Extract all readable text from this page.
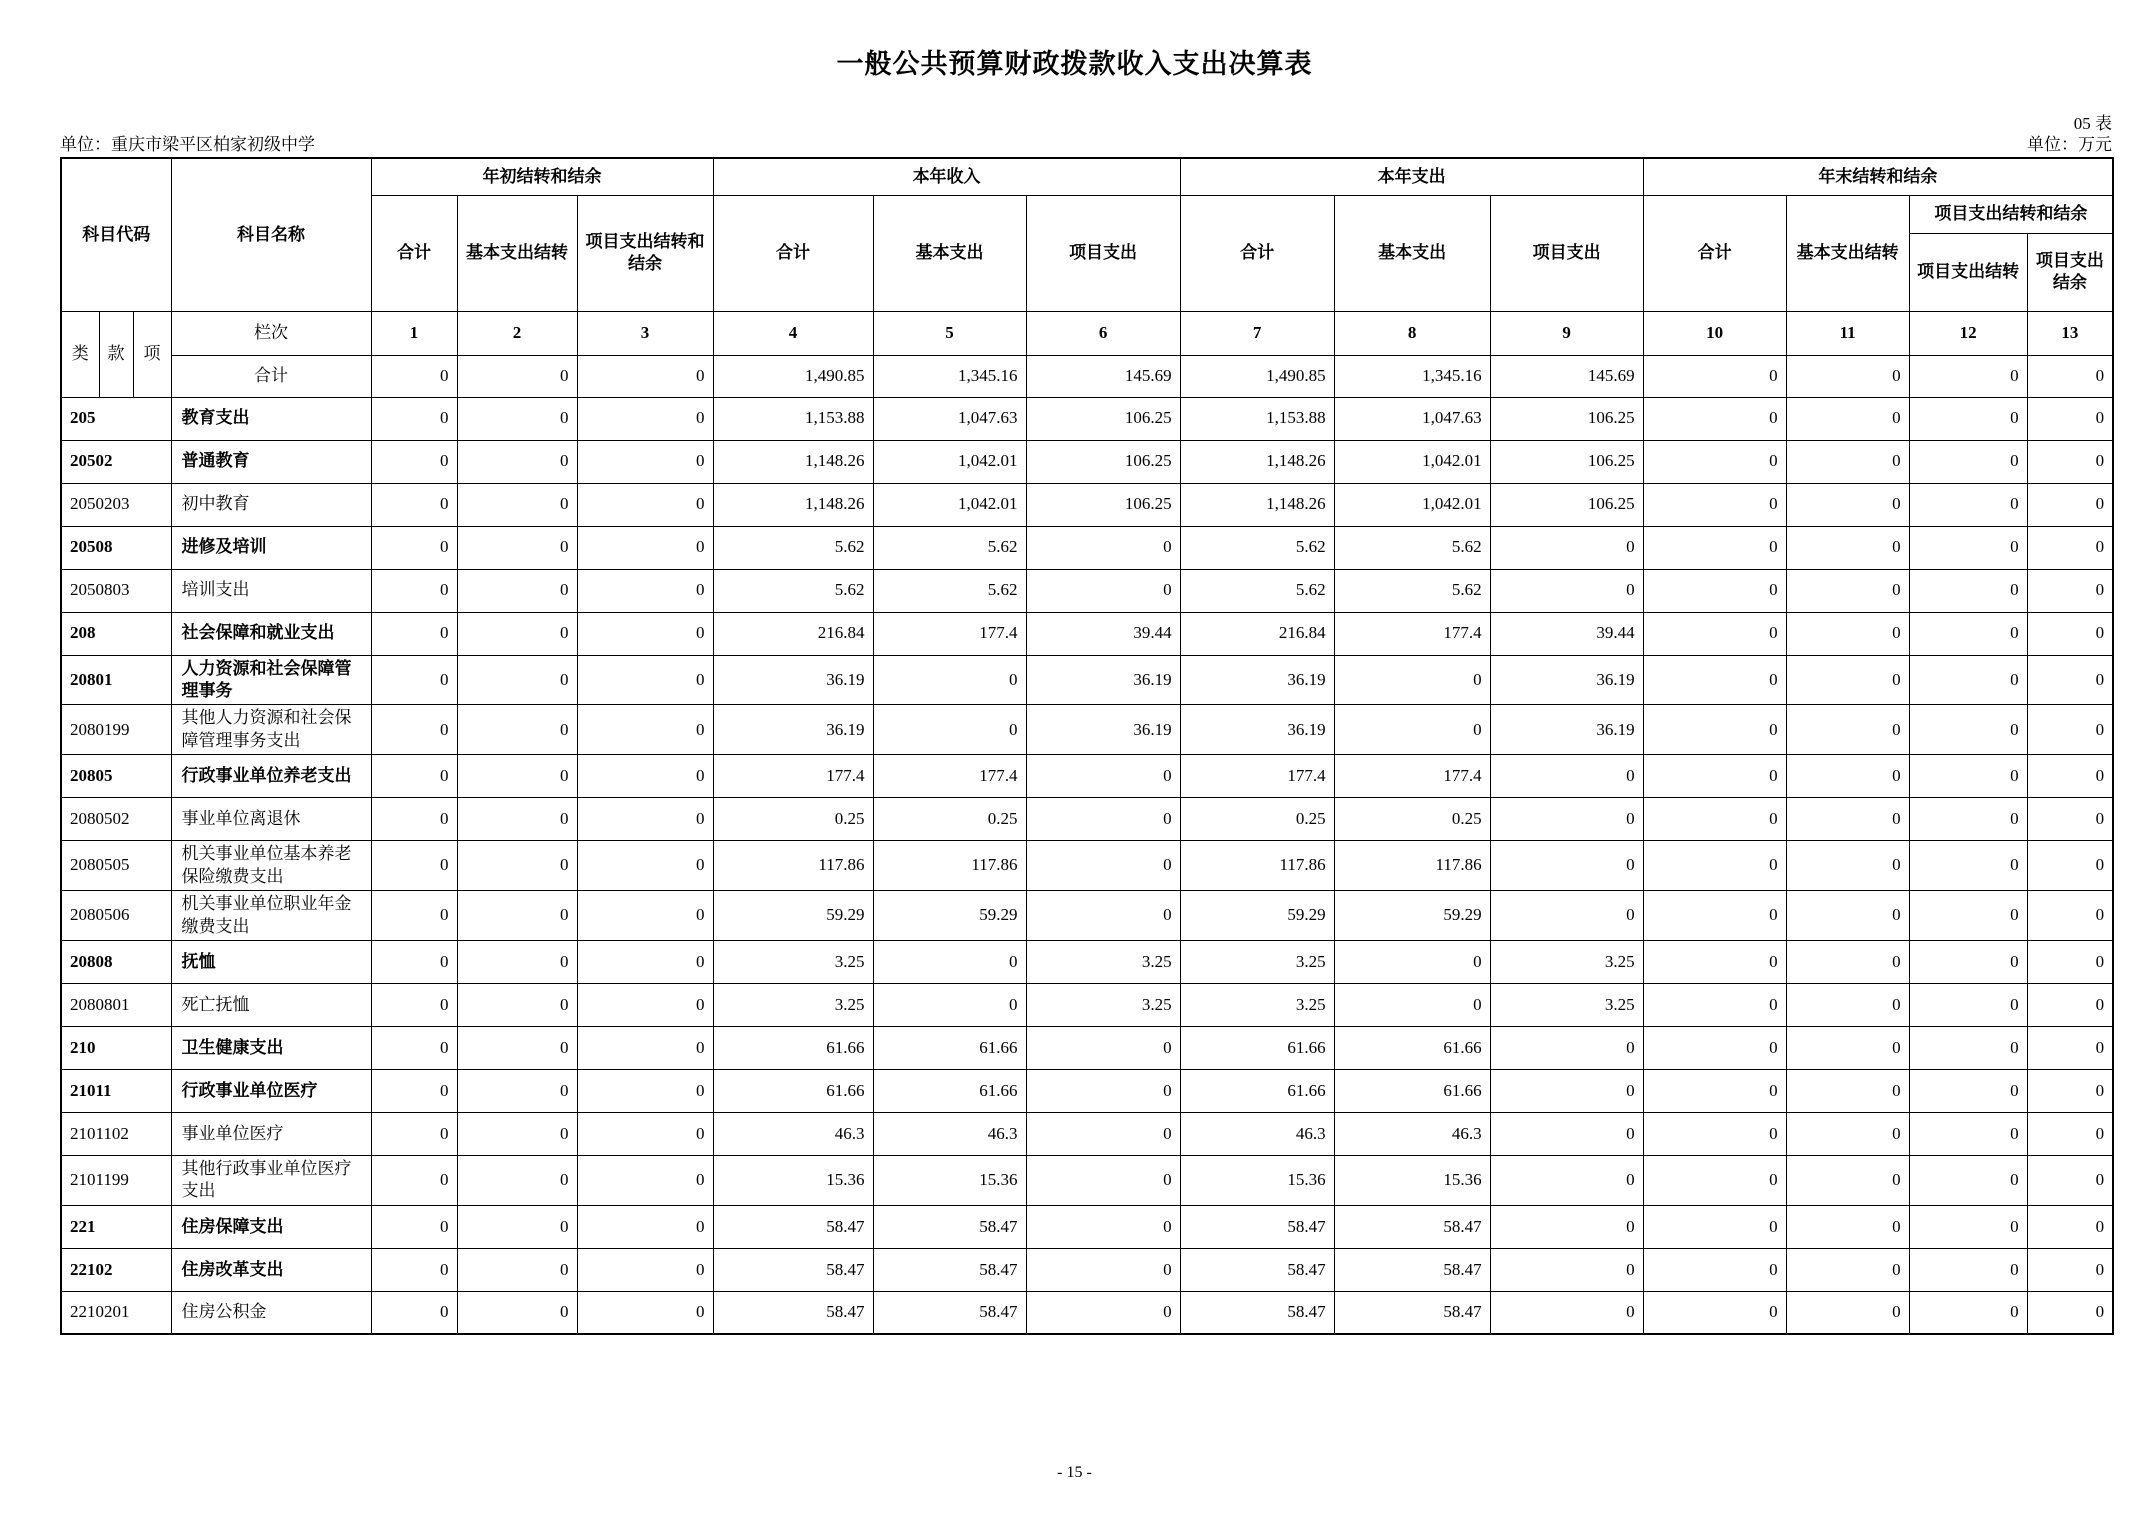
一般公共预算财政拨款收入支出决算表
05 表
单位：重庆市梁平区柏家初级中学	单位：万元
科目代码			科目名称	年初结转和结余			本年收入			本年支出			年末结转和结余			
				合计	基本支出结转	项目支出结转和结余	合计	基本支出	项目支出	合计	基本支出	项目支出	合计	基本支出结转	项目支出结转和结余	
															项目支出结转	项目支出结余
类	款	项	栏次	1	2	3	4	5	6	7	8	9	10	11	12	13
			合计	0	0	0	1,490.85	1,345.16	145.69	1,490.85	1,345.16	145.69	0	0	0	0
205			教育支出	0	0	0	1,153.88	1,047.63	106.25	1,153.88	1,047.63	106.25	0	0	0	0
20502			普通教育	0	0	0	1,148.26	1,042.01	106.25	1,148.26	1,042.01	106.25	0	0	0	0
2050203			初中教育	0	0	0	1,148.26	1,042.01	106.25	1,148.26	1,042.01	106.25	0	0	0	0
20508			进修及培训	0	0	0	5.62	5.62	0	5.62	5.62	0	0	0	0	0
2050803			培训支出	0	0	0	5.62	5.62	0	5.62	5.62	0	0	0	0	0
208			社会保障和就业支出	0	0	0	216.84	177.4	39.44	216.84	177.4	39.44	0	0	0	0
20801			人力资源和社会保障管理事务	0	0	0	36.19	0	36.19	36.19	0	36.19	0	0	0	0
2080199			其他人力资源和社会保障管理事务支出	0	0	0	36.19	0	36.19	36.19	0	36.19	0	0	0	0
20805			行政事业单位养老支出	0	0	0	177.4	177.4	0	177.4	177.4	0	0	0	0	0
2080502			事业单位离退休	0	0	0	0.25	0.25	0	0.25	0.25	0	0	0	0	0
2080505			机关事业单位基本养老保险缴费支出	0	0	0	117.86	117.86	0	117.86	117.86	0	0	0	0	0
2080506			机关事业单位职业年金缴费支出	0	0	0	59.29	59.29	0	59.29	59.29	0	0	0	0	0
20808			抚恤	0	0	0	3.25	0	3.25	3.25	0	3.25	0	0	0	0
2080801			死亡抚恤	0	0	0	3.25	0	3.25	3.25	0	3.25	0	0	0	0
210			卫生健康支出	0	0	0	61.66	61.66	0	61.66	61.66	0	0	0	0	0
21011			行政事业单位医疗	0	0	0	61.66	61.66	0	61.66	61.66	0	0	0	0	0
2101102			事业单位医疗	0	0	0	46.3	46.3	0	46.3	46.3	0	0	0	0	0
2101199			其他行政事业单位医疗支出	0	0	0	15.36	15.36	0	15.36	15.36	0	0	0	0	0
221			住房保障支出	0	0	0	58.47	58.47	0	58.47	58.47	0	0	0	0	0
22102			住房改革支出	0	0	0	58.47	58.47	0	58.47	58.47	0	0	0	0	0
2210201			住房公积金	0	0	0	58.47	58.47	0	58.47	58.47	0	0	0	0	0
- 15 -
